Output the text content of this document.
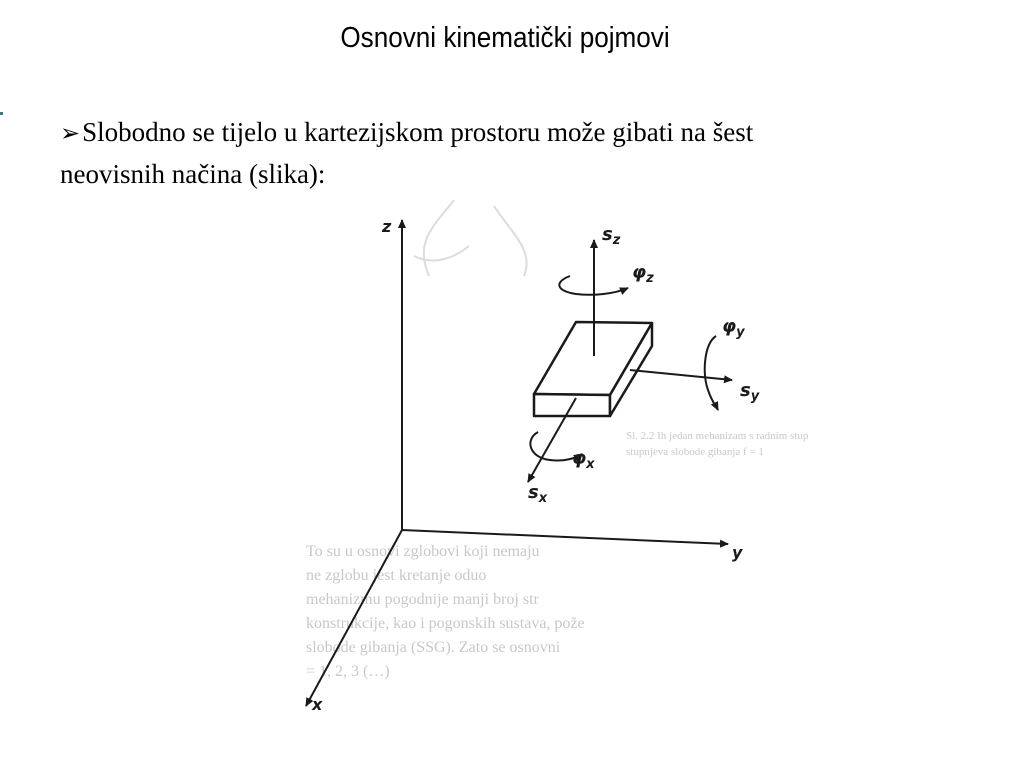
Osnovni kinematički pojmovi
➢Slobodno se tijelo u kartezijskom prostoru može gibati na šest
neovisnih načina (slika):
Sl. 2.2 Ih jedan mehanizam s radnim stup
stupnjeva slobode gibanja f = 1
To su u osnovi zglobovi koji nemaju
ne zglobu jest kretanje oduo
mehanizmu pogodnije manji broj str
konstrukcije, kao i pogonskih sustava, pože
slobode gibanja (SSG). Zato se osnovni
= 1, 2, 3 (…)
z
y
x
$s_z$
$\varphi_z$
$\varphi_y$
$s_y$
$\varphi_x$
$s_x$
